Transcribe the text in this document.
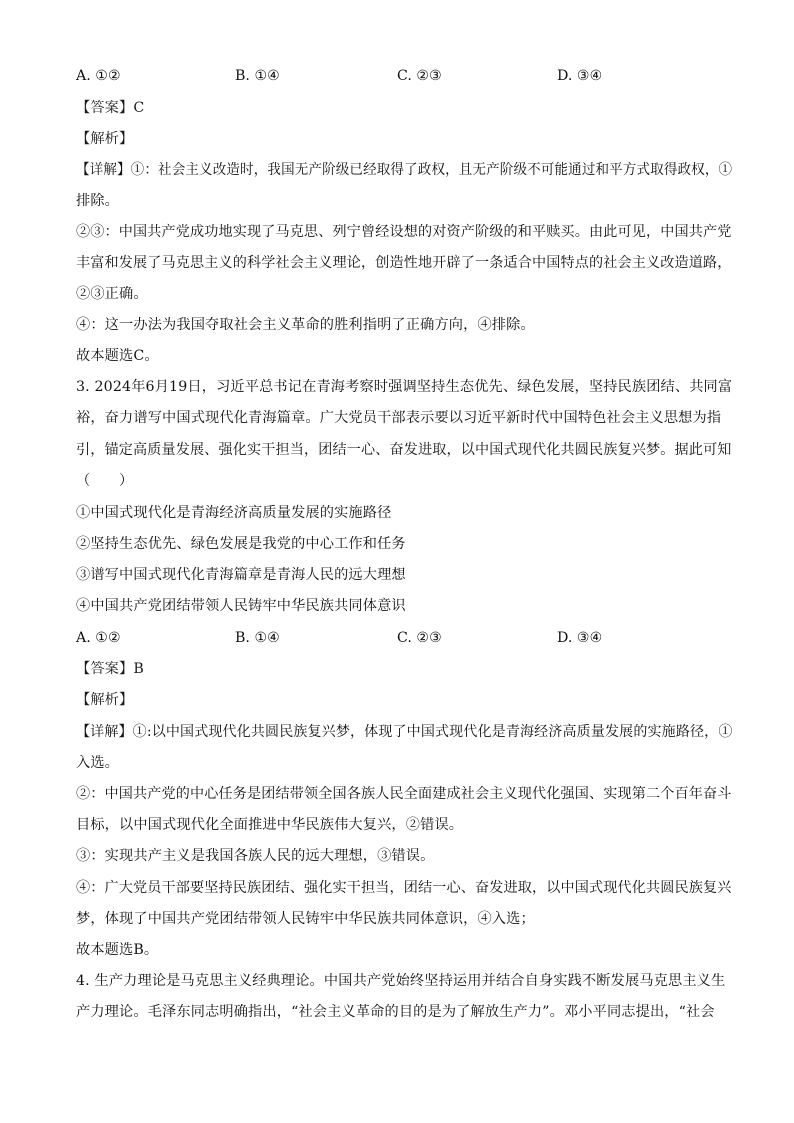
A. ①②	B. ①④	C. ②③	D. ③④
【答案】C
【解析】
【详解】①：社会主义改造时，我国无产阶级已经取得了政权，且无产阶级不可能通过和平方式取得政权，①
排除。
②③：中国共产党成功地实现了马克思、列宁曾经设想的对资产阶级的和平赎买。由此可见，中国共产党
丰富和发展了马克思主义的科学社会主义理论，创造性地开辟了一条适合中国特点的社会主义改造道路，
②③正确。
④：这一办法为我国夺取社会主义革命的胜利指明了正确方向，④排除。
故本题选C。
3. 2024年6月19日，习近平总书记在青海考察时强调坚持生态优先、绿色发展，坚持民族团结、共同富
裕，奋力谱写中国式现代化青海篇章。广大党员干部表示要以习近平新时代中国特色社会主义思想为指
引，锚定高质量发展、强化实干担当，团结一心、奋发进取，以中国式现代化共圆民族复兴梦。据此可知
（　　）
①中国式现代化是青海经济高质量发展的实施路径
②坚持生态优先、绿色发展是我党的中心工作和任务
③谱写中国式现代化青海篇章是青海人民的远大理想
④中国共产党团结带领人民铸牢中华民族共同体意识
A. ①②	B. ①④	C. ②③	D. ③④
【答案】B
【解析】
【详解】①:以中国式现代化共圆民族复兴梦，体现了中国式现代化是青海经济高质量发展的实施路径，①
入选。
②：中国共产党的中心任务是团结带领全国各族人民全面建成社会主义现代化强国、实现第二个百年奋斗
目标，以中国式现代化全面推进中华民族伟大复兴，②错误。
③：实现共产主义是我国各族人民的远大理想，③错误。
④：广大党员干部要坚持民族团结、强化实干担当，团结一心、奋发进取，以中国式现代化共圆民族复兴
梦，体现了中国共产党团结带领人民铸牢中华民族共同体意识，④入选；
故本题选B。
4. 生产力理论是马克思主义经典理论。中国共产党始终坚持运用并结合自身实践不断发展马克思主义生
产力理论。毛泽东同志明确指出，“社会主义革命的目的是为了解放生产力”。邓小平同志提出，“社会
